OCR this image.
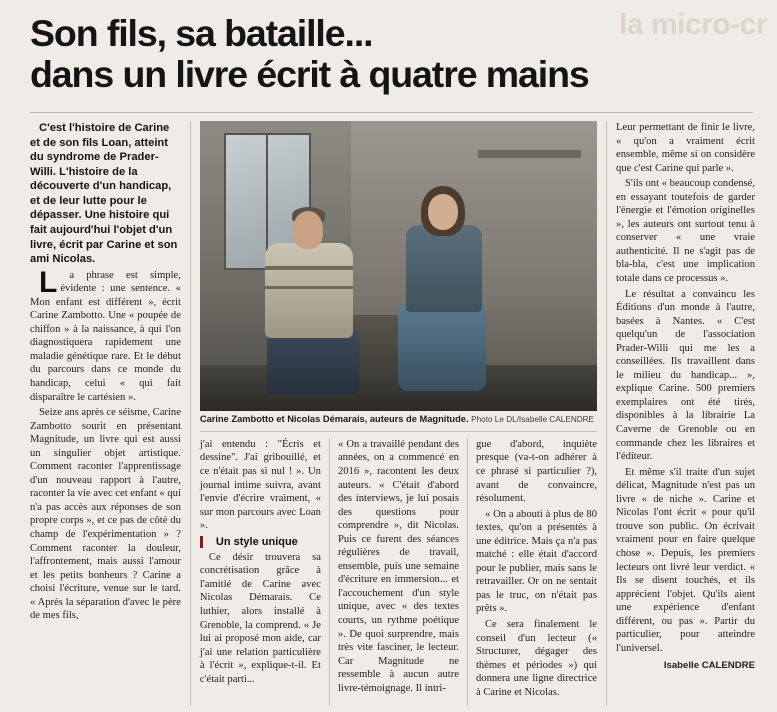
la micro-cr
Son fils, sa bataille...
dans un livre écrit à quatre mains

C'est l'histoire de Carine et de son fils Loan, atteint du syndrome de Prader-Willi. L'histoire de la découverte d'un handicap, et de leur lutte pour le dépasser. Une histoire qui fait aujourd'hui l'objet d'un livre, écrit par Carine et son ami Nicolas.

La phrase est simple, évidente : une sentence. « Mon enfant est différent », écrit Carine Zambotto. Une « poupée de chiffon » à la naissance, à qui l'on diagnostiquera rapidement une maladie génétique rare. Et le début du parcours dans ce monde du handicap, celui « qui fait disparaître le cartésien ».

Seize ans après ce séisme, Carine Zambotto sourit en présentant Magnitude, un livre qui est aussi un singulier objet artistique. Comment raconter l'apprentissage d'un nouveau rapport à l'autre, raconter la vie avec cet enfant « qui n'a pas accès aux réponses de son propre corps », et ce pas de côté du champ de l'expérimentation » ? Comment raconter la douleur, l'affrontement, mais aussi l'amour et les petits bonheurs ? Carine a choisi l'écriture, venue sur le tard. « Après la séparation d'avec le père de mes fils,

Carine Zambotto et Nicolas Démarais, auteurs de Magnitude. Photo Le DL/Isabelle CALENDRE

j'ai entendu : "Écris et dessine". J'ai gribouillé, et ce n'était pas si nul ! ». Un journal intime suivra, avant l'envie d'écrire vraiment, « sur mon parcours avec Loan ».

Un style unique

Ce désir trouvera sa concrétisation grâce à l'amitié de Carine avec Nicolas Démarais. Ce luthier, alors installé à Grenoble, la comprend. « Je lui ai proposé mon aide, car j'ai une relation particulière à l'écrit », explique-t-il. Et c'était parti...

« On a travaillé pendant des années, on a commencé en 2016 », racontent les deux auteurs. « C'était d'abord des interviews, je lui posais des questions pour comprendre », dit Nicolas. Puis ce furent des séances régulières de travail, ensemble, puis une semaine d'écriture en immersion... et l'accouchement d'un style unique, avec « des textes courts, un rythme poétique ». De quoi surprendre, mais très vite fasciner, le lecteur. Car Magnitude ne ressemble à aucun autre livre-témoignage. Il intri-

gue d'abord, inquiète presque (va-t-on adhérer à ce phrasé si particulier ?), avant de convaincre, résolument.

« On a abouti à plus de 80 textes, qu'on a présentés à une éditrice. Mais ça n'a pas matché : elle était d'accord pour le publier, mais sans le retravailler. Or on ne sentait pas le truc, on n'était pas prêts ».

Ce sera finalement le conseil d'un lecteur (« Structurer, dégager des thèmes et périodes ») qui donnera une ligne directrice à Carine et Nicolas.

Leur permettant de finir le livre, « qu'on a vraiment écrit ensemble, même si on considère que c'est Carine qui parle ».

S'ils ont « beaucoup condensé, en essayant toutefois de garder l'énergie et l'émotion originelles », les auteurs ont surtout tenu à conserver « une vraie authenticité. Il ne s'agit pas de bla-bla, c'est une implication totale dans ce processus ».

Le résultat a convaincu les Éditions d'un monde à l'autre, basées à Nantes. « C'est quelqu'un de l'association Prader-Willi qui me les a conseillées. Ils travaillent dans le milieu du handicap... », explique Carine. 500 premiers exemplaires ont été tirés, disponibles à la librairie La Caverne de Grenoble ou en commande chez les libraires et l'éditeur.

Et même s'il traite d'un sujet délicat, Magnitude n'est pas un livre « de niche ». Carine et Nicolas l'ont écrit « pour qu'il trouve son public. On écrivait vraiment pour en faire quelque chose ». Depuis, les premiers lecteurs ont livré leur verdict. « Ils se disent touchés, et ils apprécient l'objet. Qu'ils aient une expérience d'enfant différent, ou pas ». Partir du particulier, pour atteindre l'universel.

Isabelle CALENDRE
